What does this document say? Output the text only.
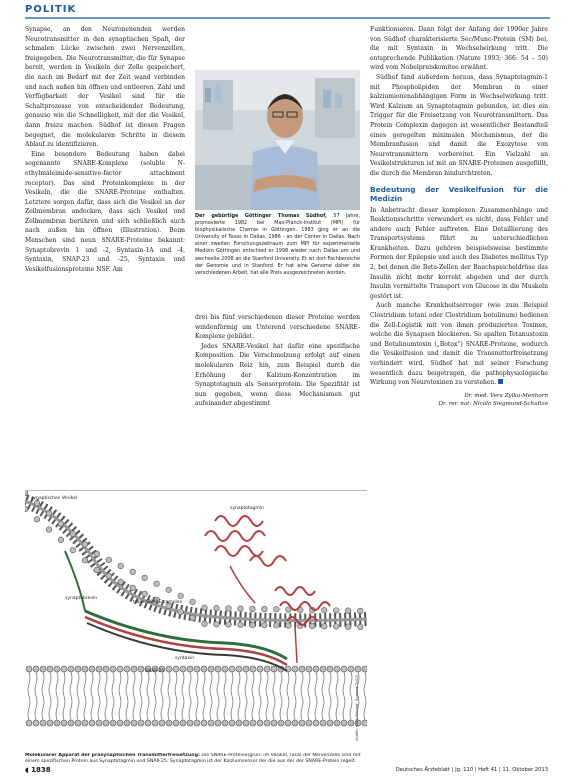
POLITIK

Synapse, an den Neuronenenden werden Neurotransmitter in den synaptischen Spalt, der schmalen Lücke zwischen zwei Nervenzellen, freigegeben. Die Neurotransmitter, die für Synapse bereit, werden in Vesikeln der Zelle gespeichert, die nach im Bedarf mit der Zeit wand verbinden und nach außen hin öffnen und entleeren. Zahl und Verfügbarkeit der Vesikel sind für die Schaltprozesse von entscheidender Bedeutung, genauso wie die Schnelligkeit, mit der die Vesikel, dann freizu machen. Südhof ist diesen Fragen begegnet, die molekularen Schritte in diesem Ablauf zu identifizieren.

Eine besondere Bedeutung haben dabei sogenannte SNARE-Komplexe (soluble N-ethylmaleimide-sensitive-factor attachment receptor). Das sind Proteinkomplexe in der Vesikeln, die die SNARE-Proteine enthalten. Letztere sorgen dafür, dass sich die Vesikel an der Zellmembran andocken, dass sich Vesikel und Zellmembran berühren und sich schließlich auch nach außen hin öffnen (Illustration). Beim Menschen sind neun SNARE-Proteine bekannt: Synaptobrevin 1 und -2, Syntaxin-1A und -4, Syntaxin, SNAP-23 und -25, Syntaxin und Vesikelfusionsproteine NSF. Am

Der gebürtige Göttinger Thomas Südhof, 57 Jahre, promovierte 1982 bei Max-Planck-Institut (MPI) für biophysikalische Chemie in Göttingen. 1983 ging er an die University of Texas in Dallas. 1986 - an der Center in Dallas. Nach einer zweiten Forschungszeitraum zum MPI für experimentelle Medizin Göttingen entschied er 1998 wieder nach Dallas um und wechselte 2008 an die Stanford University. Er ist dort Fachbereiche der Genomie und in Stanford. Er hat eine Genome daher die verschiedenen Arbeit, hat alle Preis ausgezeichneten worden.

drei bis fünf verschiedenen dieser Proteine werden windenförmig um Unterend verschiedene SNARE-Komplexe gebildet.

Jedes SNARE-Vesikel hat dafür eine spezifische Komposition. Die Verschmelzung erfolgt auf einen molekularen Reiz hin, zum Beispiel durch die Erhöhung der Kalzium-Konzentration im Synaptotagmin als Sensorprotein. Die Spezifität ist nun gegeben, wenn diese Mechanismen gut aufeinander abgestimmt

Funktionieren. Dann folgt der Anfang der 1990er Jahre von Südhof charakterisierte Sec/Munc-Protein (SM) bei, die mit Syntaxin in Wechselwirkung tritt. Die entsprechende Publikation (Nature 1993; 366: 54 – 59) wird vom Nobelpreiskomitee erwähnt.

Südhof fand außerdem heraus, dass Synaptotagmin-1 mit Phospholipiden der Membran in einer kalziumionenabhängigen Form in Wechselwirkung tritt. Wird Kalzium an Synaptotagmin gebunden, ist dies ein Trigger für die Freisetzung von Neurotransmittern. Das Protein Complexin dagegen ist wesentlicher Bestandteil eines geregelten minimalen Mechanismus, der die Membranfusion und damit die Exozytose von Neurotransmittern vorbereitet. Ein Vielzahl an Vesikelstrukturen ist mit an SNARE-Proteinen ausgefüllt, die durch die Membran hindurchtreten.

Bedeutung der Vesikelfusion für die Medizin

In Anbetracht dieser komplexen Zusammenhänge und Reaktionsschritte verwundert es nicht, dass Fehler und andere auch Fehler auftreten. Eine Detaillierung des Transportsystems führt zu unterschiedlichen Krankheiten. Dazu gehören beispielsweise bestimmte Formen der Epilepsie und auch des Diabetes mellitus Typ 2, bei denen die Beta-Zellen der Bauchspeicheldrüse das Insulin nicht mehr korrekt abgeben und der durch Insulin vermittelte Transport von Glucose in die Muskeln gestört ist.

Auch manche Krankheitserreger (wie zum Beispiel Clostridium tetani oder Clostridium botulinum) bedienen die Zell-Logistik mit von ihnen produzierten Toxinen, welche die Synapsen blockieren. So spalten Tetanustoxin und Botulinumtoxin („Botox“) SNARE-Proteine, wodurch die Vesikelfusion und damit die Transmitterfreisetzung verhindert wird. Südhof hat mit seiner Forschung wesentlich dazu beigetragen, die pathophysiologische Wirkung von Neurotoxinen zu verstehen.

Dr. med. Vera Zylka-Menhorn
Dr. rer. nat. Nicola Siegmund-Schultze
synaptisches Vesikel
synaptotagmin
synaptobrevin
trans-SNARE-complex
syntaxin
SNAP-25
Grafik: nach Südhof, Science 2013
Molekularer Apparat der präsynaptischen Transmitterfreisetzung: Die SNARE-Proteine(grün: im Vesikel, rosa) der Nervenzelle sind mit einem spezifischen Protein aus Synaptotagmin und SNAP-25. Synaptotagmin ist der Kalziumsensor der die aus der der SNARE-Protein regelt.
◖ 1838	Deutsches Ärzteblatt | Jg. 110 | Heft 41 | 11. Oktober 2013
